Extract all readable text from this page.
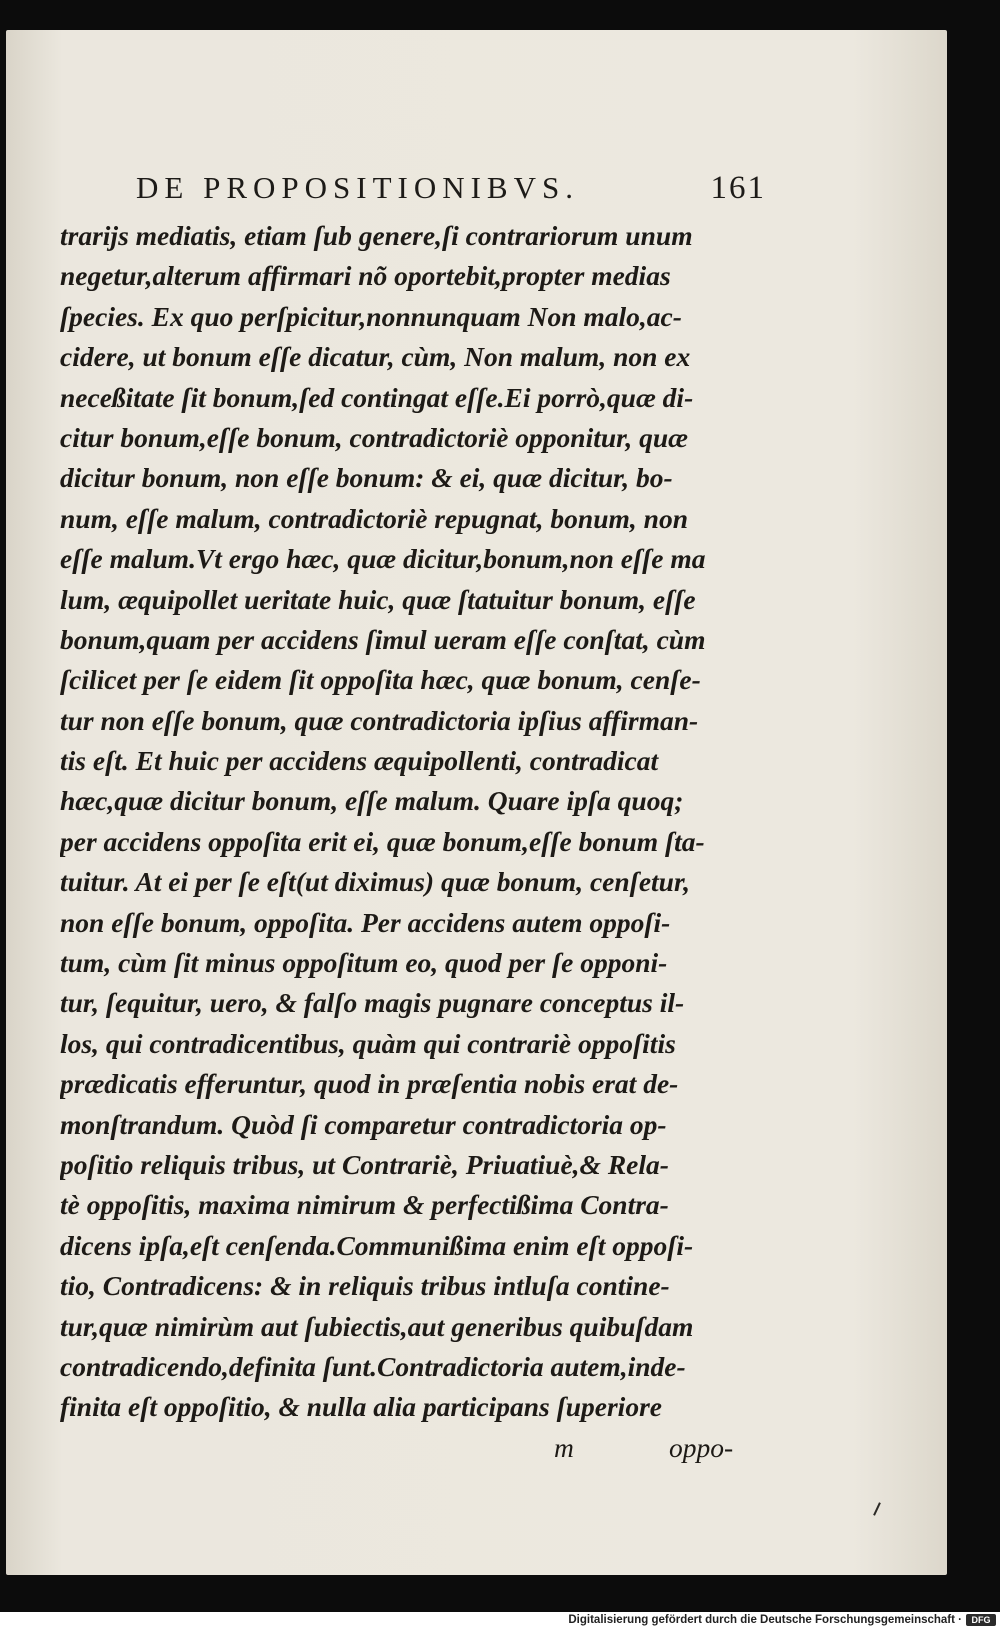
DE PROPOSITIONIBVS.	161
trarijs mediatis, etiam ſub genere,ſi contrariorum unum
negetur,alterum affirmari nõ oportebit,propter medias
ſpecies. Ex quo perſpicitur,nonnunquam Non malo,ac-
cidere, ut bonum eſſe dicatur, cùm, Non malum, non ex
neceßitate ſit bonum,ſed contingat eſſe.Ei porrò,quæ di-
citur bonum,eſſe bonum, contradictoriè opponitur, quæ
dicitur bonum, non eſſe bonum: & ei, quæ dicitur, bo-
num, eſſe malum, contradictoriè repugnat, bonum, non
eſſe malum.Vt ergo hæc, quæ dicitur,bonum,non eſſe ma
lum, æquipollet ueritate huic, quæ ſtatuitur bonum, eſſe
bonum,quam per accidens ſimul ueram eſſe conſtat, cùm
ſcilicet per ſe eidem ſit oppoſita hæc, quæ bonum, cenſe-
tur non eſſe bonum, quæ contradictoria ipſius affirman-
tis eſt. Et huic per accidens æquipollenti, contradicat
hæc,quæ dicitur bonum, eſſe malum. Quare ipſa quoq;
per accidens oppoſita erit ei, quæ bonum,eſſe bonum ſta-
tuitur. At ei per ſe eſt(ut diximus) quæ bonum, cenſetur,
non eſſe bonum, oppoſita. Per accidens autem oppoſi-
tum, cùm ſit minus oppoſitum eo, quod per ſe opponi-
tur, ſequitur, uero, & falſo magis pugnare conceptus il-
los, qui contradicentibus, quàm qui contrariè oppoſitis
prædicatis efferuntur, quod in præſentia nobis erat de-
monſtrandum. Quòd ſi comparetur contradictoria op-
poſitio reliquis tribus, ut Contrariè, Priuatiuè,& Rela-
tè oppoſitis, maxima nimirum & perfectißima Contra-
dicens ipſa,eſt cenſenda.Communißima enim eſt oppoſi-
tio, Contradicens: & in reliquis tribus intluſa contine-
tur,quæ nimirùm aut ſubiectis,aut generibus quibuſdam
contradicendo,definita ſunt.Contradictoria autem,inde-
finita eſt oppoſitio, & nulla alia participans ſuperiore
m	oppo-
Digitalisierung gefördert durch die Deutsche Forschungsgemeinschaft ·	DFG
